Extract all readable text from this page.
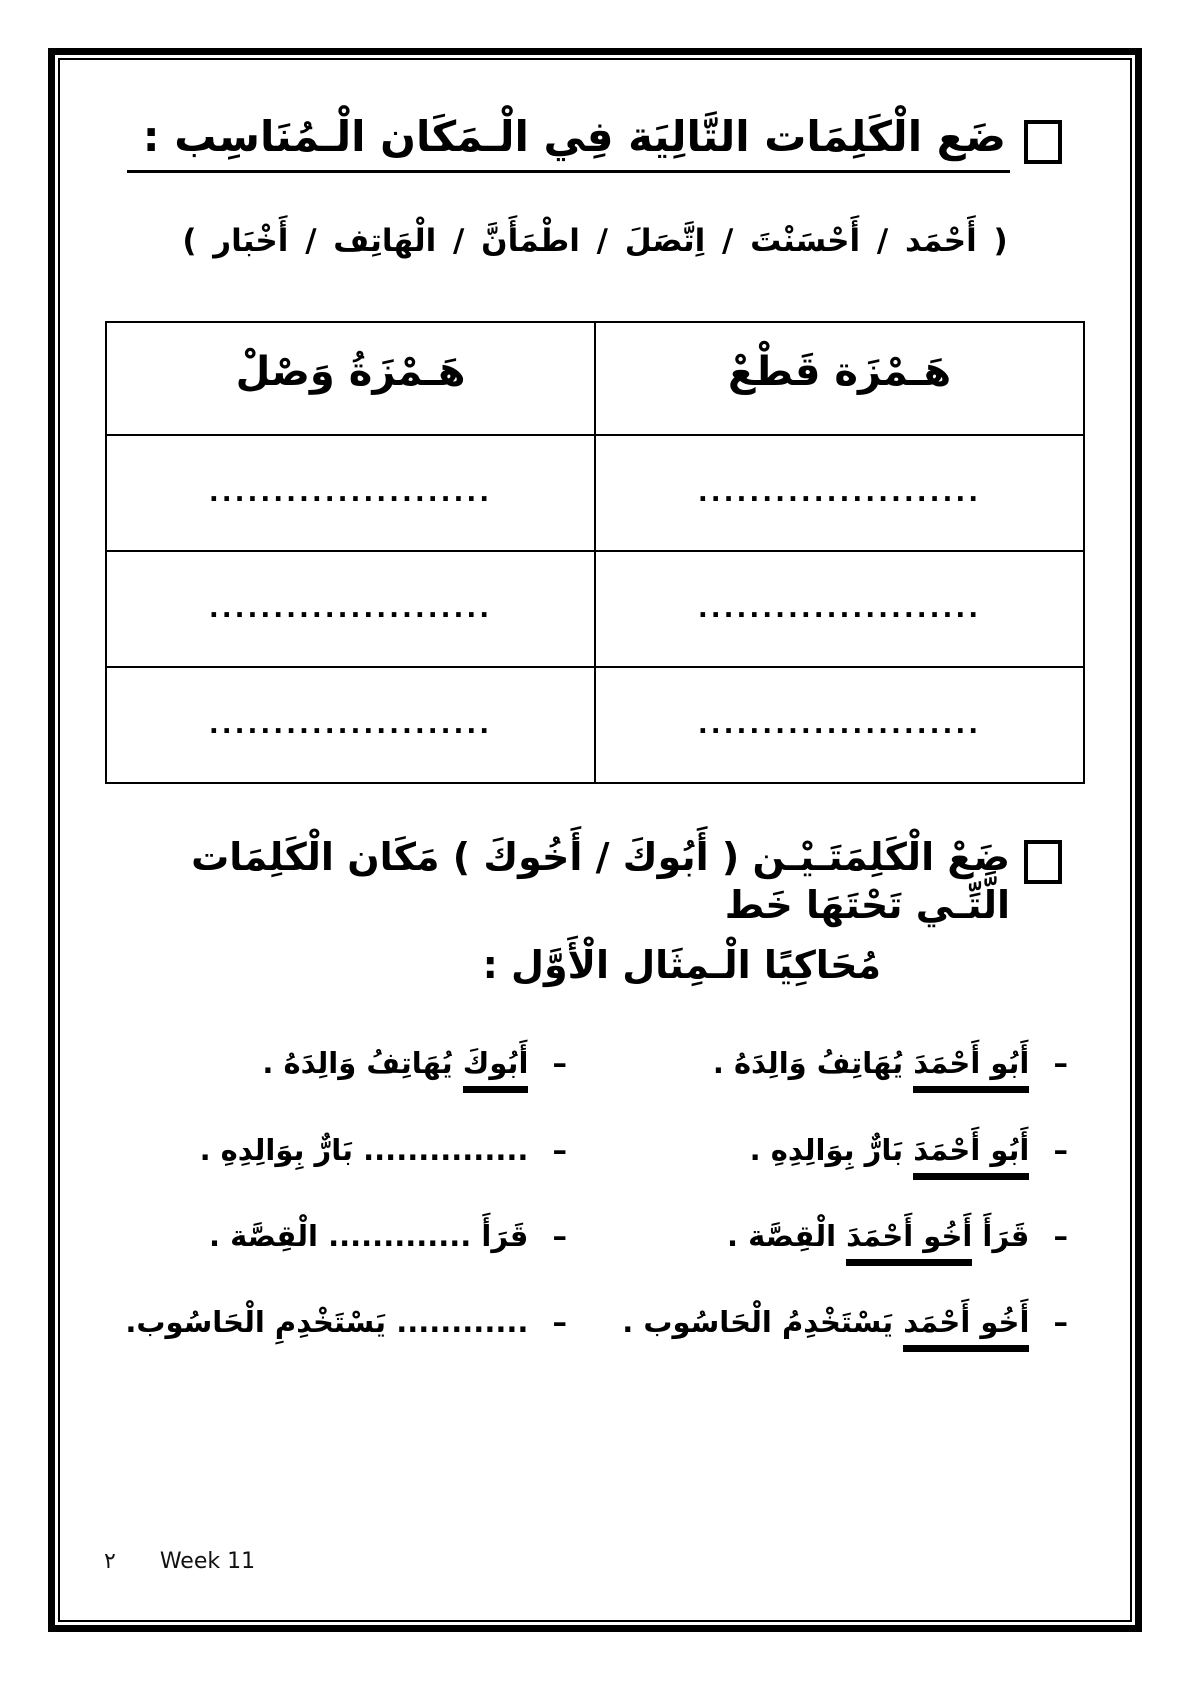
ضَع الْكَلِمَات التَّالِيَة فِي الْـمَكَان الْـمُنَاسِب :
( أَحْمَد / أَحْسَنْتَ / اِتَّصَلَ / اطْمَأَنَّ / الْهَاتِف / أَخْبَار )
هَـمْزَة قَطْعْ	هَـمْزَةُ وَصْلْ
......................	......................
......................	......................
......................	......................
ضَعْ الْكَلِمَتَـيْـن ( أَبُوكَ / أَخُوكَ ) مَكَان الْكَلِمَات الَّتِّـي تَحْتَهَا خَط
مُحَاكِيًا الْـمِثَال الْأَوَّل :
– أَبُو أَحْمَدَ يُهَاتِفُ وَالِدَهُ .
– أَبُوكَ يُهَاتِفُ وَالِدَهُ .
– أَبُو أَحْمَدَ بَارٌّ بِوَالِدِهِ .
– ............... بَارٌّ بِوَالِدِهِ .
– قَرَأَ أَخُو أَحْمَدَ الْقِصَّة .
– قَرَأَ ............. الْقِصَّة .
– أَخُو أَحْمَد يَسْتَخْدِمُ الْحَاسُوب .
– ............ يَسْتَخْدِمِ الْحَاسُوب.
٢ Week 11
